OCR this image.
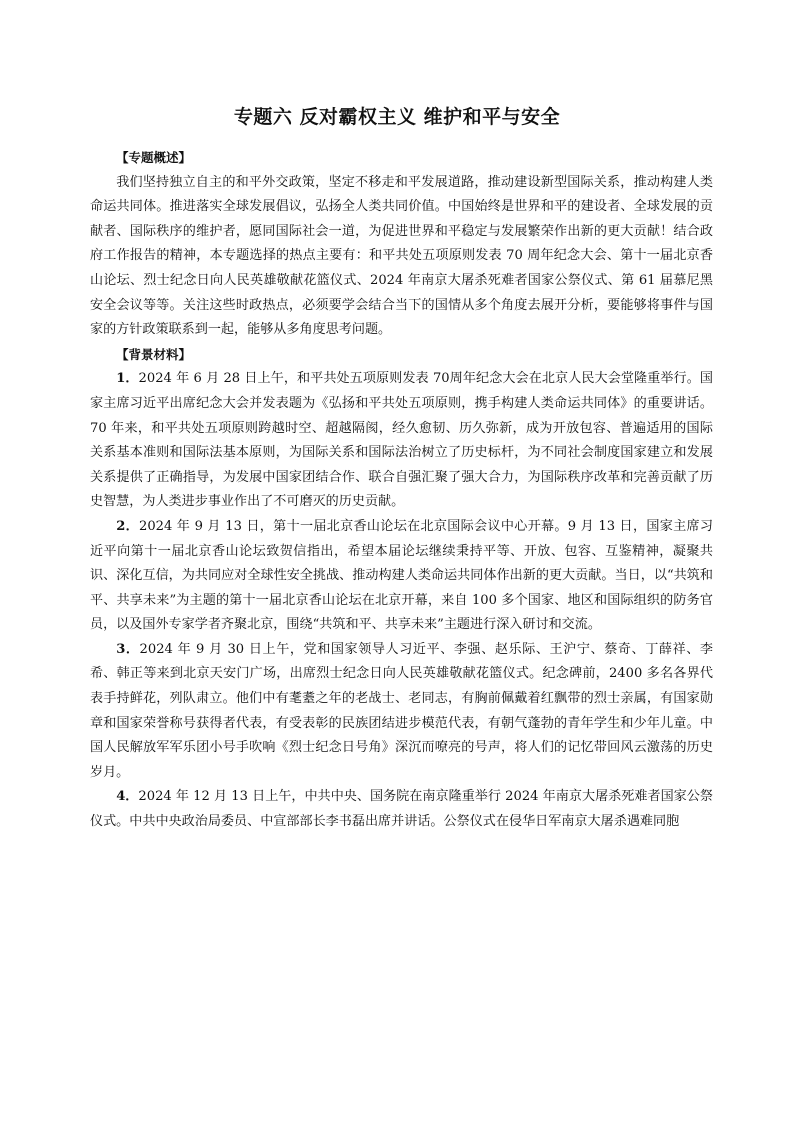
专题六 反对霸权主义 维护和平与安全

【专题概述】

我们坚持独立自主的和平外交政策，坚定不移走和平发展道路，推动建设新型国际关系，推动构建人类命运共同体。推进落实全球发展倡议，弘扬全人类共同价值。中国始终是世界和平的建设者、全球发展的贡献者、国际秩序的维护者，愿同国际社会一道，为促进世界和平稳定与发展繁荣作出新的更大贡献！结合政府工作报告的精神，本专题选择的热点主要有：和平共处五项原则发表 70 周年纪念大会、第十一届北京香山论坛、烈士纪念日向人民英雄敬献花篮仪式、2024 年南京大屠杀死难者国家公祭仪式、第 61 届慕尼黑安全会议等等。关注这些时政热点，必须要学会结合当下的国情从多个角度去展开分析，要能够将事件与国家的方针政策联系到一起，能够从多角度思考问题。

【背景材料】

1．2024 年 6 月 28 日上午，和平共处五项原则发表 70周年纪念大会在北京人民大会堂隆重举行。国家主席习近平出席纪念大会并发表题为《弘扬和平共处五项原则，携手构建人类命运共同体》的重要讲话。70 年来，和平共处五项原则跨越时空、超越隔阂，经久愈韧、历久弥新，成为开放包容、普遍适用的国际关系基本准则和国际法基本原则，为国际关系和国际法治树立了历史标杆，为不同社会制度国家建立和发展关系提供了正确指导，为发展中国家团结合作、联合自强汇聚了强大合力，为国际秩序改革和完善贡献了历史智慧，为人类进步事业作出了不可磨灭的历史贡献。

2．2024 年 9 月 13 日，第十一届北京香山论坛在北京国际会议中心开幕。9 月 13 日，国家主席习近平向第十一届北京香山论坛致贺信指出，希望本届论坛继续秉持平等、开放、包容、互鉴精神，凝聚共识、深化互信，为共同应对全球性安全挑战、推动构建人类命运共同体作出新的更大贡献。当日，以“共筑和平、共享未来”为主题的第十一届北京香山论坛在北京开幕，来自 100 多个国家、地区和国际组织的防务官员，以及国外专家学者齐聚北京，围绕“共筑和平、共享未来”主题进行深入研讨和交流。

3．2024 年 9 月 30 日上午，党和国家领导人习近平、李强、赵乐际、王沪宁、蔡奇、丁薛祥、李希、韩正等来到北京天安门广场，出席烈士纪念日向人民英雄敬献花篮仪式。纪念碑前，2400 多名各界代表手持鲜花，列队肃立。他们中有耄耋之年的老战士、老同志，有胸前佩戴着红飘带的烈士亲属，有国家勋章和国家荣誉称号获得者代表，有受表彰的民族团结进步模范代表，有朝气蓬勃的青年学生和少年儿童。中国人民解放军军乐团小号手吹响《烈士纪念日号角》深沉而嘹亮的号声，将人们的记忆带回风云激荡的历史岁月。

4．2024 年 12 月 13 日上午，中共中央、国务院在南京隆重举行 2024 年南京大屠杀死难者国家公祭仪式。中共中央政治局委员、中宣部部长李书磊出席并讲话。公祭仪式在侵华日军南京大屠杀遇难同胞
